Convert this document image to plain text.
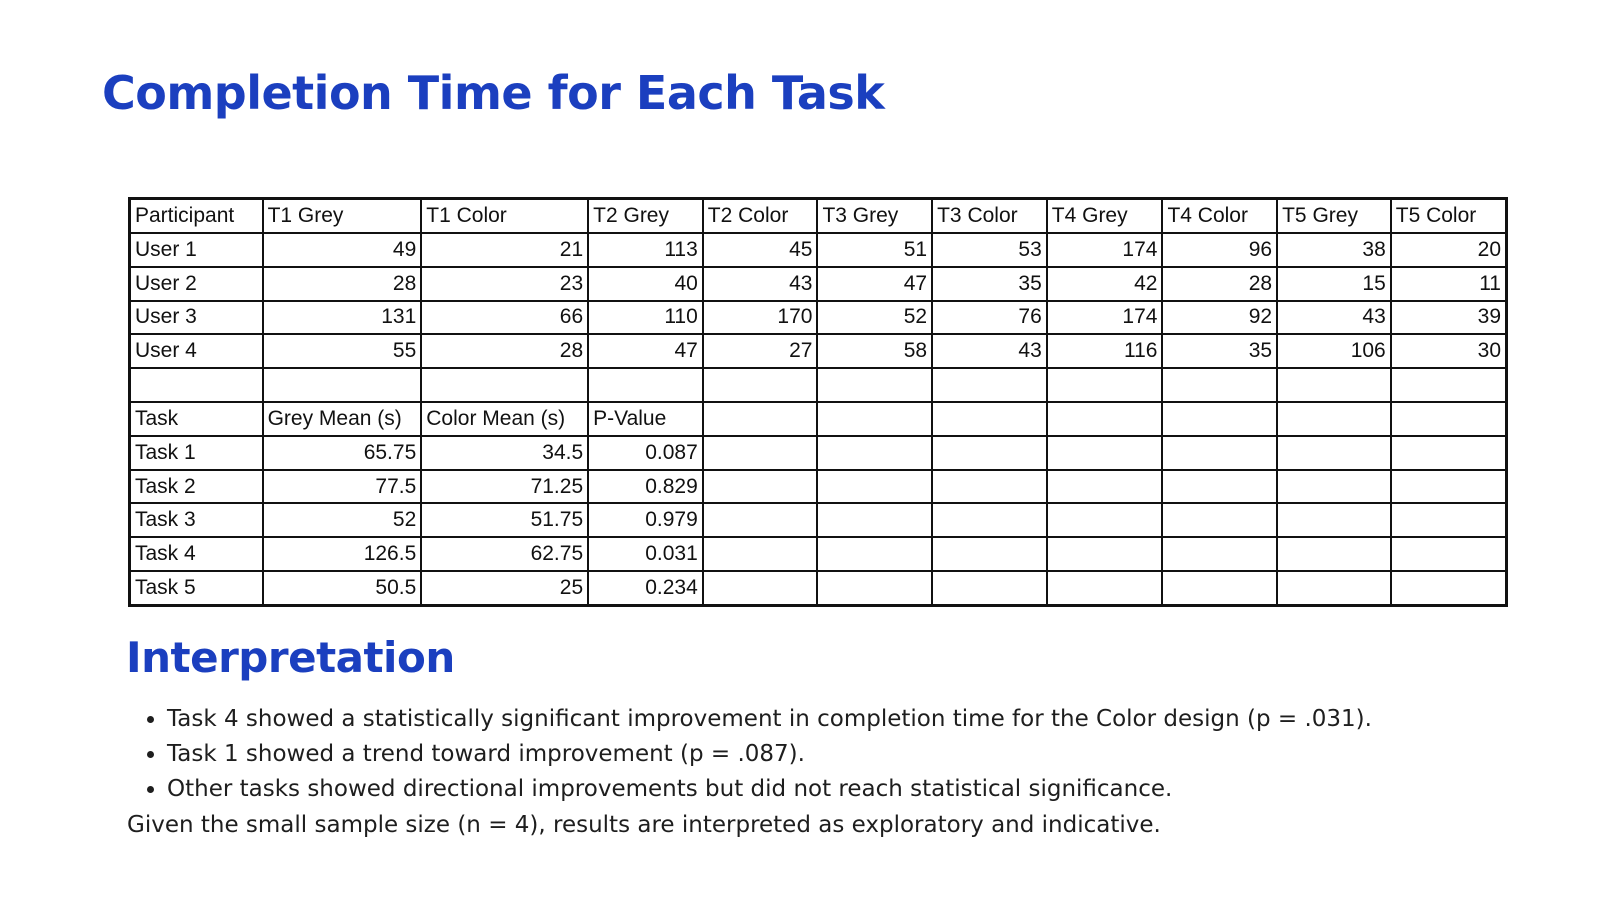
Completion Time for Each Task
Participant	T1 Grey	T1 Color	T2 Grey	T2 Color	T3 Grey	T3 Color	T4 Grey	T4 Color	T5 Grey	T5 Color
User 1	49	21	113	45	51	53	174	96	38	20
User 2	28	23	40	43	47	35	42	28	15	11
User 3	131	66	110	170	52	76	174	92	43	39
User 4	55	28	47	27	58	43	116	35	106	30

Task	Grey Mean (s)	Color Mean (s)	P-Value							
Task 1	65.75	34.5	0.087							
Task 2	77.5	71.25	0.829							
Task 3	52	51.75	0.979							
Task 4	126.5	62.75	0.031							
Task 5	50.5	25	0.234							
Interpretation
• Task 4 showed a statistically significant improvement in completion time for the Color design (p = .031).
• Task 1 showed a trend toward improvement (p = .087).
• Other tasks showed directional improvements but did not reach statistical significance.

Given the small sample size (n = 4), results are interpreted as exploratory and indicative.
